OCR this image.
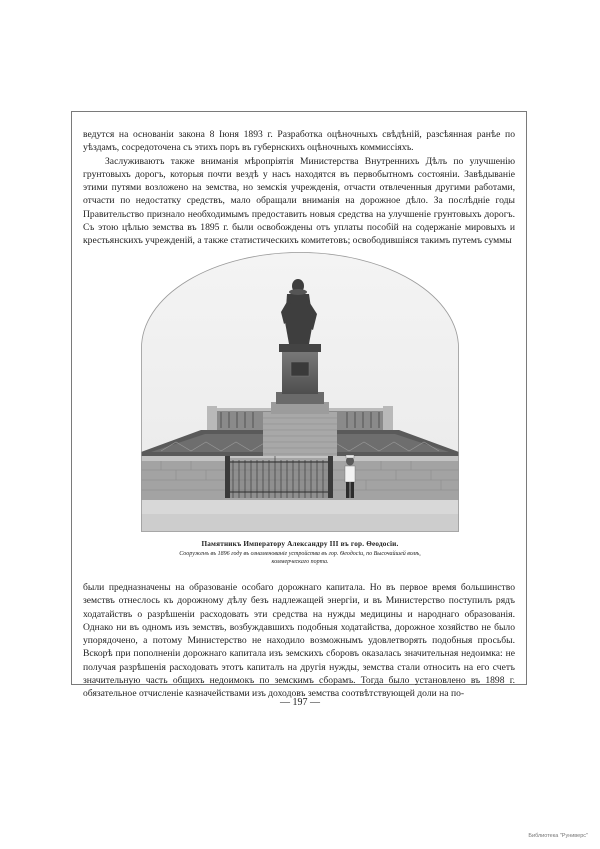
ведутся на основаніи закона 8 Іюня 1893 г. Разработка оцѣночныхъ свѣдѣній, разсѣянная ранѣе по уѣздамъ, сосредоточена съ этихъ поръ въ губернскихъ оцѣночныхъ коммиссіяхъ.

Заслуживаютъ также вниманія мѣропріятія Министерства Внутреннихъ Дѣлъ по улучшенію грунтовыхъ дорогъ, которыя почти вездѣ у насъ находятся въ первобытномъ состояніи. Завѣдываніе этими путями возложено на земства, но земскія учрежденія, отчасти отвлеченныя другими работами, отчасти по недостатку средствъ, мало обращали вниманія на дорожное дѣло. За послѣдніе годы Правительство признало необходимымъ предоставить новыя средства на улучшеніе грунтовыхъ дорогъ. Съ этою цѣлью земства въ 1895 г. были освобождены отъ уплаты пособій на содержаніе мировыхъ и крестьянскихъ учрежденій, а также статистическихъ комитетовъ; освободившіяся такимъ путемъ суммы

Памятникъ Императору Александру III въ гор. Ѳеодосіи.
Сооруженъ въ 1896 году въ ознаменованіе устройства въ гор. Ѳеодосіи, по Высочайшей волѣ, коммерческаго порта.

были предназначены на образованіе особаго дорожнаго капитала. Но въ первое время большинство земствъ отнеслось къ дорожному дѣлу безъ надлежащей энергіи, и въ Министерство поступилъ рядъ ходатайствъ о разрѣшеніи расходовать эти средства на нужды медицины и народнаго образованія. Однако ни въ одномъ изъ земствъ, возбуждавшихъ подобныя ходатайства, дорожное хозяйство не было упорядочено, а потому Министерство не находило возможнымъ удовлетворять подобныя просьбы. Вскорѣ при пополненіи дорожнаго капитала изъ земскихъ сборовъ оказалась значительная недоимка: не получая разрѣшенія расходовать этотъ капиталъ на другія нужды, земства стали относить на его счетъ значительную часть общихъ недоимокъ по земскимъ сборамъ. Тогда было установлено въ 1898 г. обязательное отчисленіе казначействами изъ доходовъ земства соотвѣтствующей доли на по-

— 197 —
Библиотека "Руниверс"
